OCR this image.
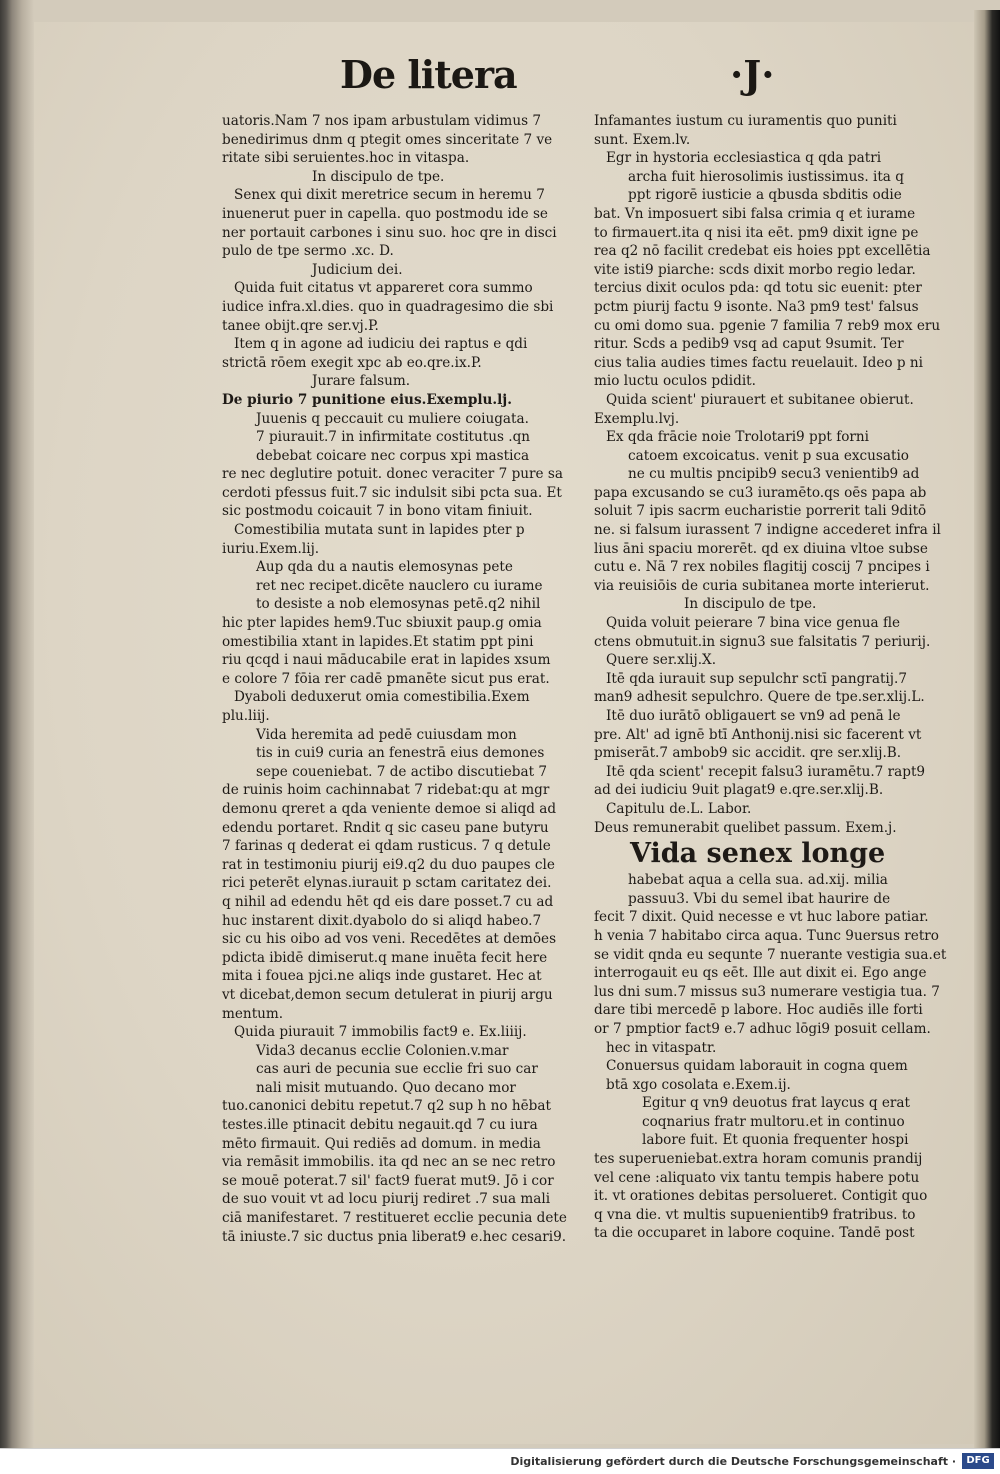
De litera	·J·
uatoris.Nam 7 nos ipam arbustulam vidimus 7
benedirimus dnm q ptegit omes sinceritate 7 ve
ritate sibi seruientes.hoc in vitaspa.
In discipulo de tpe.
Senex qui dixit meretrice secum in heremu 7
inuenerut puer in capella. quo postmodu ide se
ner portauit carbones i sinu suo. hoc qre in disci
pulo de tpe sermo .xc. D.
Judicium dei.
Quida fuit citatus vt appareret cora summo
iudice infra.xl.dies. quo in quadragesimo die sbi
tanee obijt.qre ser.vj.P.
Item q in agone ad iudiciu dei raptus e qdi
strictā rōem exegit xpc ab eo.qre.ix.P.
Jurare falsum.
De piurio 7 punitione eius.Exemplu.lj.
Juuenis q peccauit cu muliere coiugata.
7 piurauit.7 in infirmitate costitutus .qn
debebat coicare nec corpus xpi mastica
re nec deglutire potuit. donec veraciter 7 pure sa
cerdoti pfessus fuit.7 sic indulsit sibi pcta sua. Et
sic postmodu coicauit 7 in bono vitam finiuit.
Comestibilia mutata sunt in lapides pter p
iuriu.Exem.lij.
Aup qda du a nautis elemosynas pete
ret nec recipet.dicēte nauclero cu iurame
to desiste a nob elemosynas petē.q2 nihil
hic pter lapides hem9.Tuc sbiuxit paup.g omia
omestibilia xtant in lapides.Et statim ppt pini
riu qcqd i naui māducabile erat in lapides xsum
e colore 7 fōia rer cadē pmanēte sicut pus erat.
Dyaboli deduxerut omia comestibilia.Exem
plu.liij.
Vida heremita ad pedē cuiusdam mon
tis in cui9 curia an fenestrā eius demones
sepe coueniebat. 7 de actibo discutiebat 7
de ruinis hoim cachinnabat 7 ridebat:qu at mgr
demonu qreret a qda veniente demoe si aliqd ad
edendu portaret. Rndit q sic caseu pane butyru
7 farinas q dederat ei qdam rusticus. 7 q detule
rat in testimoniu piurij ei9.q2 du duo paupes cle
rici peterēt elynas.iurauit p sctam caritatez dei.
q nihil ad edendu hēt qd eis dare posset.7 cu ad
huc instarent dixit.dyabolo do si aliqd habeo.7
sic cu his oibo ad vos veni. Recedētes at demōes
pdicta ibidē dimiserut.q mane inuēta fecit here
mita i fouea pjci.ne aliqs inde gustaret. Hec at
vt dicebat,demon secum detulerat in piurij argu
mentum.
Quida piurauit 7 immobilis fact9 e. Ex.liiij.
Vida3 decanus ecclie Colonien.v.mar
cas auri de pecunia sue ecclie fri suo car
nali misit mutuando. Quo decano mor
tuo.canonici debitu repetut.7 q2 sup h no hēbat
testes.ille ptinacit debitu negauit.qd 7 cu iura
mēto firmauit. Qui rediēs ad domum. in media
via remāsit immobilis. ita qd nec an se nec retro
se mouē poterat.7 sil' fact9 fuerat mut9. Jō i cor
de suo vouit vt ad locu piurij rediret .7 sua mali
ciā manifestaret. 7 restitueret ecclie pecunia dete
tā iniuste.7 sic ductus pnia liberat9 e.hec cesari9.
Infamantes iustum cu iuramentis quo puniti
sunt. Exem.lv.
Egr in hystoria ecclesiastica q qda patri
archa fuit hierosolimis iustissimus. ita q
ppt rigorē iusticie a qbusda sbditis odie
bat. Vn imposuert sibi falsa crimia q et iurame
to firmauert.ita q nisi ita eēt. pm9 dixit igne pe
rea q2 nō facilit credebat eis hoies ppt excellētia
vite isti9 piarche: scds dixit morbo regio ledar.
tercius dixit oculos pda: qd totu sic euenit: pter
pctm piurij factu 9 isonte. Na3 pm9 test' falsus
cu omi domo sua. pgenie 7 familia 7 reb9 mox eru
ritur. Scds a pedib9 vsq ad caput 9sumit. Ter
cius talia audies times factu reuelauit. Ideo p ni
mio luctu oculos pdidit.
Quida scient' piurauert et subitanee obierut.
Exemplu.lvj.
Ex qda frācie noie Trolotari9 ppt forni
catoem excoicatus. venit p sua excusatio
ne cu multis pncipib9 secu3 venientib9 ad
papa excusando se cu3 iuramēto.qs oēs papa ab
soluit 7 ipis sacrm eucharistie porrerit tali 9ditō
ne. si falsum iurassent 7 indigne accederet infra il
lius āni spaciu morerēt. qd ex diuina vltoe subse
cutu e. Nā 7 rex nobiles flagitij coscij 7 pncipes i
via reuisiōis de curia subitanea morte interierut.
In discipulo de tpe.
Quida voluit peierare 7 bina vice genua fle
ctens obmutuit.in signu3 sue falsitatis 7 periurij.
Quere ser.xlij.X.
Itē qda iurauit sup sepulchr sctī pangratij.7
man9 adhesit sepulchro. Quere de tpe.ser.xlij.L.
Itē duo iurātō obligauert se vn9 ad penā le
pre. Alt' ad ignē btī Anthonij.nisi sic facerent vt
pmiserāt.7 ambob9 sic accidit. qre ser.xlij.B.
Itē qda scient' recepit falsu3 iuramētu.7 rapt9
ad dei iudiciu 9uit plagat9 e.qre.ser.xlij.B.
Capitulu de.L. Labor.
Deus remunerabit quelibet passum. Exem.j.
Vida senex longe
habebat aqua a cella sua. ad.xij. milia
passuu3. Vbi du semel ibat haurire de
fecit 7 dixit. Quid necesse e vt huc labore patiar.
h venia 7 habitabo circa aqua. Tunc 9uersus retro
se vidit qnda eu sequnte 7 nuerante vestigia sua.et
interrogauit eu qs eēt. Ille aut dixit ei. Ego ange
lus dni sum.7 missus su3 numerare vestigia tua. 7
dare tibi mercedē p labore. Hoc audiēs ille forti
or 7 pmptior fact9 e.7 adhuc lōgi9 posuit cellam.
hec in vitaspatr.
Conuersus quidam laborauit in cogna quem
btā xgo cosolata e.Exem.ij.
Egitur q vn9 deuotus frat laycus q erat
coqnarius fratr multoru.et in continuo
labore fuit. Et quonia frequenter hospi
tes superueniebat.extra horam comunis prandij
vel cene :aliquato vix tantu tempis habere potu
it. vt orationes debitas persolueret. Contigit quo
q vna die. vt multis supuenientib9 fratribus. to
ta die occuparet in labore coquine. Tandē post
Digitalisierung gefördert durch die Deutsche Forschungsgemeinschaft ·	DFG
